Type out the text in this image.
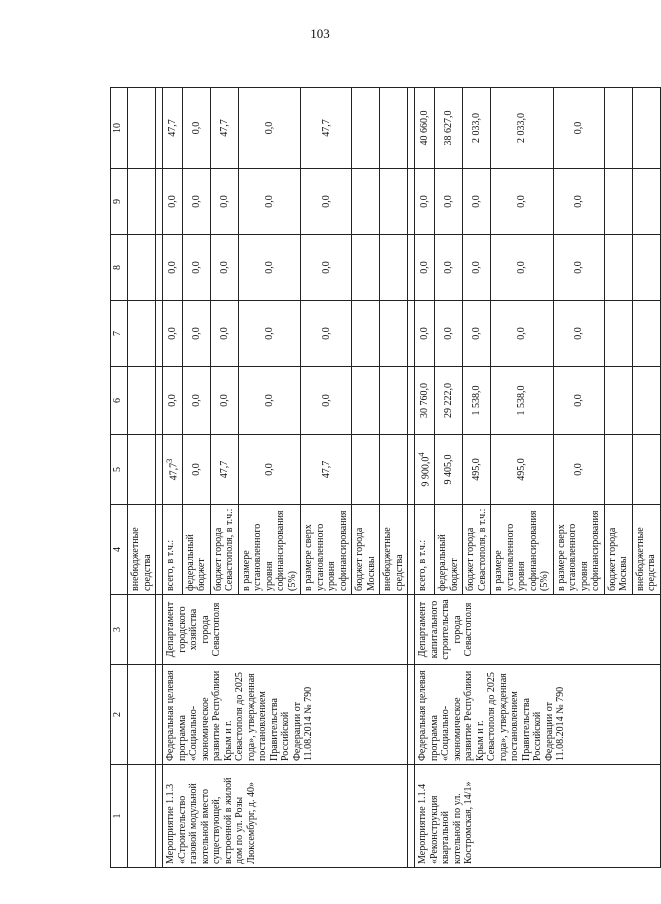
103
1	2	3	4	5	6	7	8	9	10
			внебюджетные средства						

Мероприятие 1.1.3 «Строительство газовой модульной котельной вместо существующей, встроенной в жилой дом по ул. Розы Люксембург, д. 40»	Федеральная целевая программа «Социально-экономическое развитие Республики Крым и г. Севастополя до 2025 года», утвержденная постановлением Правительства Российской Федерации от 11.08.2014 № 790	Департамент городского хозяйства города Севастополя	всего, в т.ч.:	47,7$^3$	0,0	0,0	0,0	0,0	47,7
			федеральный бюджет	0,0	0,0	0,0	0,0	0,0	0,0
			бюджет города Севастополя, в т.ч.:	47,7	0,0	0,0	0,0	0,0	47,7
			в размере установленного уровня софинансирования (5%)	0,0	0,0	0,0	0,0	0,0	0,0
			в размере сверх установленного уровня софинансирования	47,7	0,0	0,0	0,0	0,0	47,7
			бюджет города Москвы						
			внебюджетные средства						

Мероприятие 1.1.4 «Реконструкция квартальной котельной по ул. Костромская, 14/1»	Федеральная целевая программа «Социально-экономическое развитие Республики Крым и г. Севастополя до 2025 года», утвержденная постановлением Правительства Российской Федерации от 11.08.2014 № 790	Департамент капитального строительства города Севастополя	всего, в т.ч.:	9 900,0$^4$	30 760,0	0,0	0,0	0,0	40 660,0
			федеральный бюджет	9 405,0	29 222,0	0,0	0,0	0,0	38 627,0
			бюджет города Севастополя, в т.ч.:	495,0	1 538,0	0,0	0,0	0,0	2 033,0
			в размере установленного уровня софинансирования (5%)	495,0	1 538,0	0,0	0,0	0,0	2 033,0
			в размере сверх установленного уровня софинансирования	0,0	0,0	0,0	0,0	0,0	0,0
			бюджет города Москвы						
			внебюджетные средства						
